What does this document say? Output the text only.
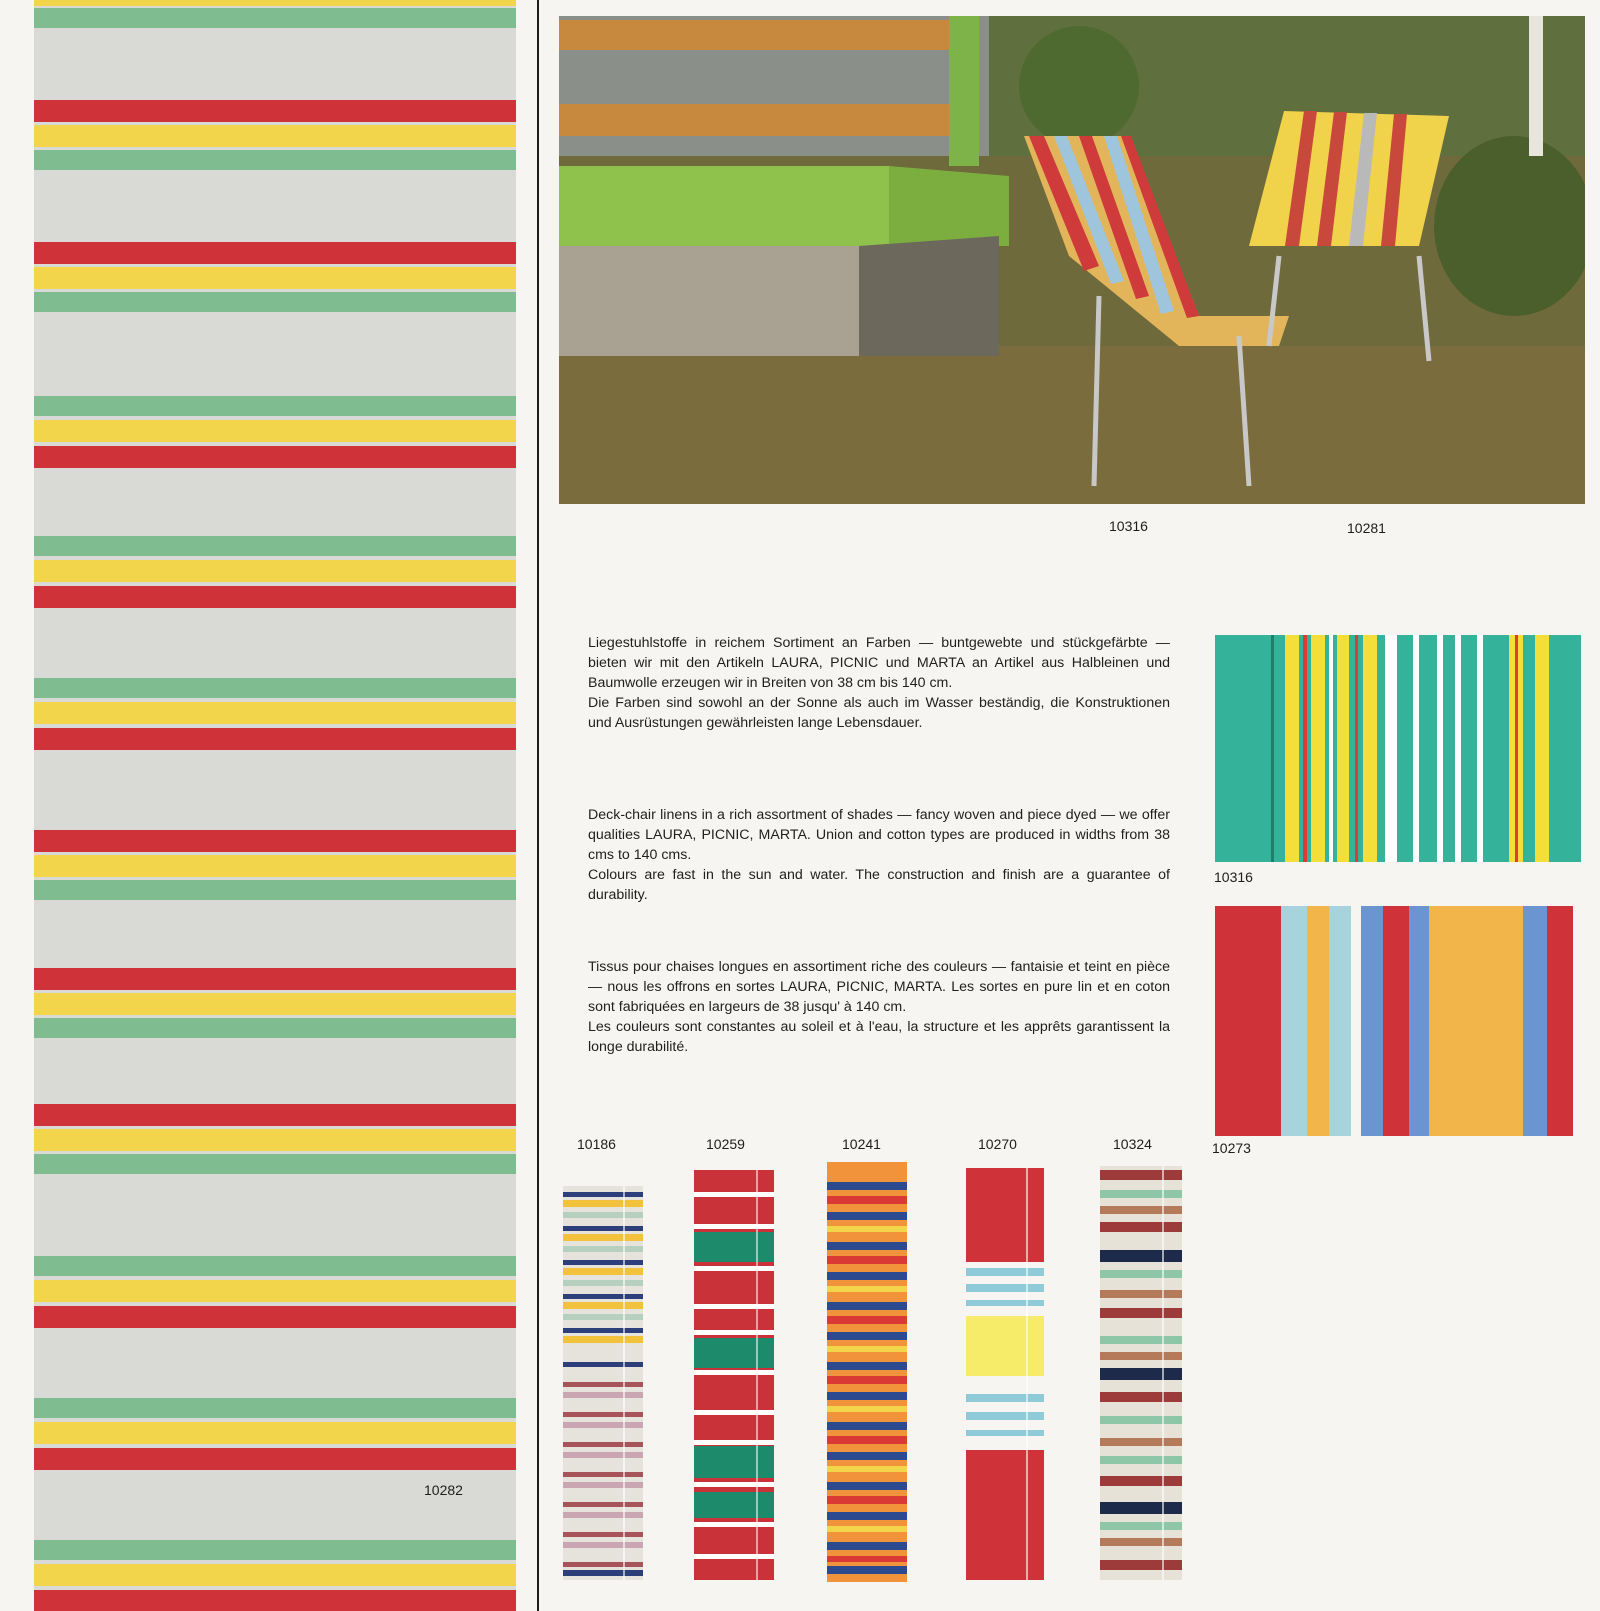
10282
10316	10281

Liegestuhlstoffe in reichem Sortiment an Farben — buntgewebte und stückgefärbte — bieten wir mit den Artikeln LAURA, PICNIC und MARTA an Artikel aus Halbleinen und Baumwolle erzeugen wir in Breiten von 38 cm bis 140 cm.

Die Farben sind sowohl an der Sonne als auch im Wasser beständig, die Konstruktionen und Ausrüstungen gewährleisten lange Lebensdauer.

Deck-chair linens in a rich assortment of shades — fancy woven and piece dyed — we offer qualities LAURA, PICNIC, MARTA. Union and cotton types are produced in widths from 38 cms to 140 cms.

Colours are fast in the sun and water. The construction and finish are a guarantee of durability.

Tissus pour chaises longues en assortiment riche des couleurs — fantaisie et teint en pièce — nous les offrons en sortes LAURA, PICNIC, MARTA. Les sortes en pure lin et en coton sont fabriquées en largeurs de 38 jusqu' à 140 cm.

Les couleurs sont constantes au soleil et à l'eau, la structure et les apprêts garantissent la longe durabilité.

10316
10273
10186	10259	10241	10270	10324
